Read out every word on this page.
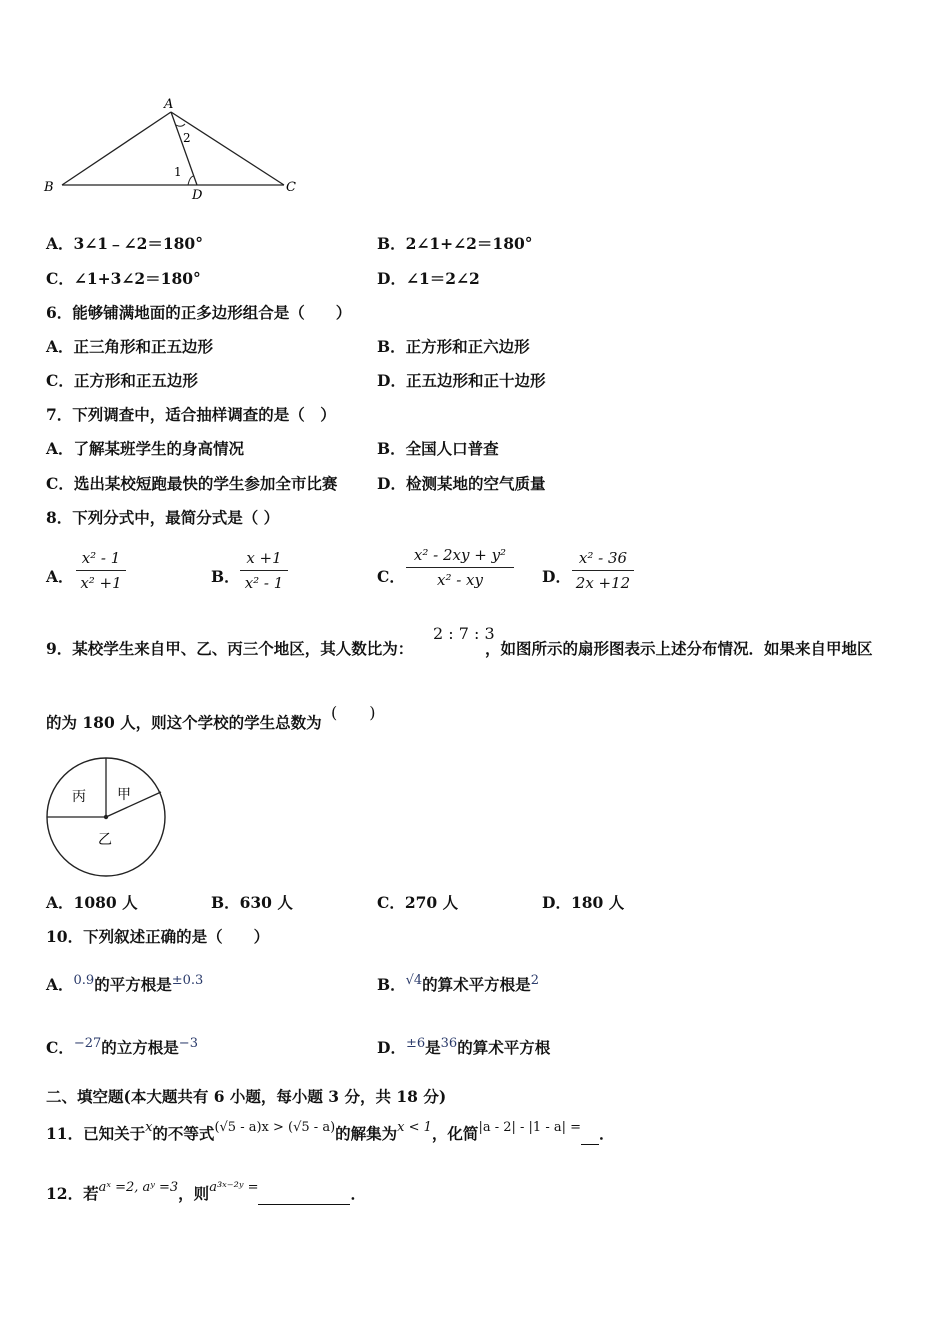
A
B	C
D
1
2
A．3∠1﹣∠2＝180°	B．2∠1+∠2＝180°
C．∠1+3∠2＝180°	D．∠1＝2∠2
6．能够铺满地面的正多边形组合是（　　）
A．正三角形和正五边形	B．正方形和正六边形
C．正方形和正五边形	D．正五边形和正十边形
7．下列调查中，适合抽样调查的是（　）
A．了解某班学生的身高情况	B．全国人口普查
C．选出某校短跑最快的学生参加全市比赛	D．检测某地的空气质量
8．下列分式中，最简分式是（ ）
A．
x² - 1
x² +1	B．
x +1
x² - 1	C．
x² - 2xy + y²
x² - xy	D．
x² - 36
2x +12
9．某校学生来自甲、乙、丙三个地区，其人数比为：
2 : 7 : 3
，如图所示的扇形图表示上述分布情况．如果来自甲地区
的为 180 人，则这个学校的学生总数为
(　　)
丙 甲
乙
A．1080 人	B．630 人	C．270 人	D．180 人
10．下列叙述正确的是（　　）
A．$^{0.9}$的平方根是$^{\pm 0.3}$	B．$^{√4}$的算术平方根是$^2$
C．$^{-27}$的立方根是$^{-3}$	D．$^{\pm 6}$是$^{36}$的算术平方根
二、填空题(本大题共有 6 小题，每小题 3 分，共 18 分)
11．已知关于$^x$的不等式$^{(√5 - a)x > (√5 - a)}$的解集为$^{x < 1}$，化简$^{|a - 2| - |1 - a| =}$ ．
12．若$^{aˣ =2, aʸ =3}$，则$^{a^3ˣ^{-2}ʸ =}$	．
